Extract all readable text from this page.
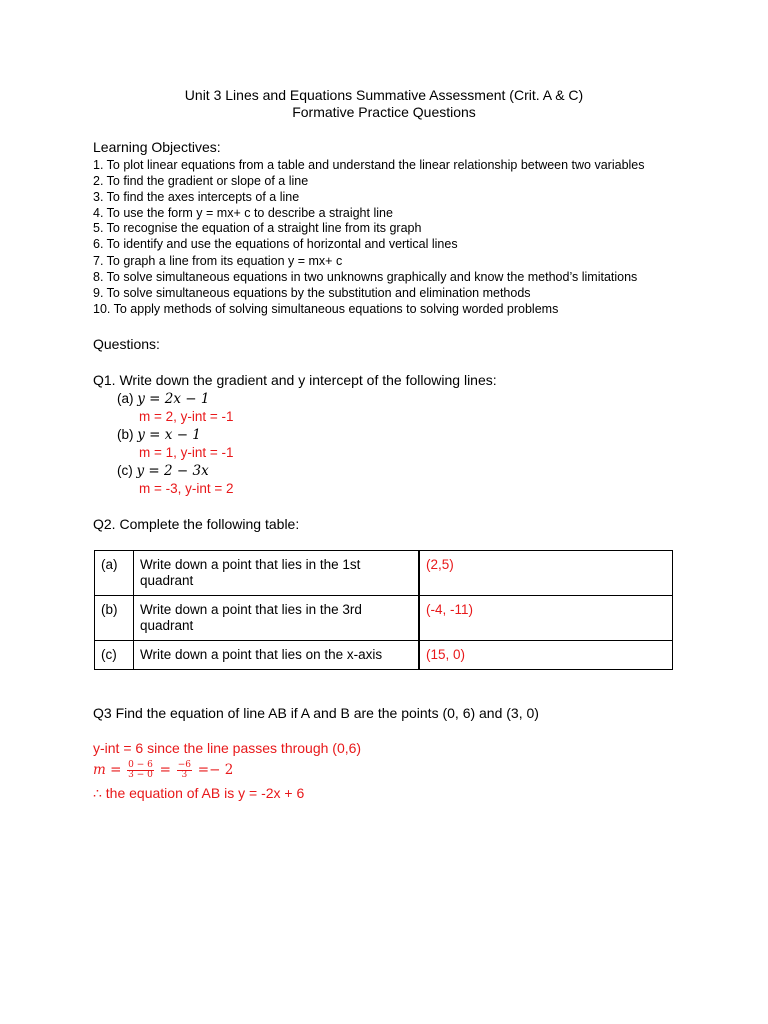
Unit 3 Lines and Equations Summative Assessment (Crit. A & C)
Formative Practice Questions
Learning Objectives:
1. To plot linear equations from a table and understand the linear relationship between two variables
2. To find the gradient or slope of a line
3. To find the axes intercepts of a line
4. To use the form y = mx+ c to describe a straight line
5. To recognise the equation of a straight line from its graph
6. To identify and use the equations of horizontal and vertical lines
7. To graph a line from its equation y = mx+ c
8. To solve simultaneous equations in two unknowns graphically and know the method’s limitations
9. To solve simultaneous equations by the substitution and elimination methods
10. To apply methods of solving simultaneous equations to solving worded problems
Questions:
Q1. Write down the gradient and y intercept of the following lines:
(a) y = 2x − 1
m = 2, y-int = -1
(b) y = x − 1
m = 1, y-int = -1
(c) y = 2 − 3x
m = -3, y-int = 2
Q2. Complete the following table:
(a)	Write down a point that lies in the 1st quadrant	(2,5)
(b)	Write down a point that lies in the 3rd quadrant	(-4, -11)
(c)	Write down a point that lies on the x-axis	(15, 0)
Q3 Find the equation of line AB if A and B are the points (0, 6) and (3, 0)
y-int = 6 since the line passes through (0,6)
$m = \frac{0 - 6}{3 - 0} = \frac{-6}{3} =- 2$
∴ the equation of AB is y = -2x + 6
